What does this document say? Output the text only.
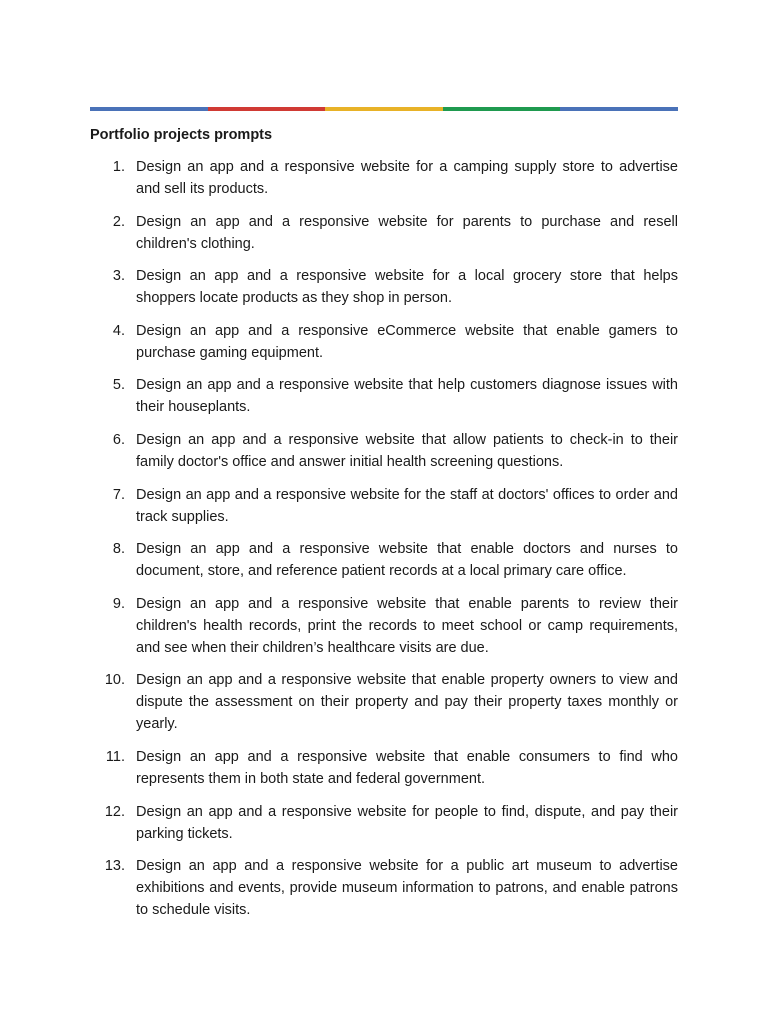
Portfolio projects prompts
1. Design an app and a responsive website for a camping supply store to advertise and sell its products.
2. Design an app and a responsive website for parents to purchase and resell children's clothing.
3. Design an app and a responsive website for a local grocery store that helps shoppers locate products as they shop in person.
4. Design an app and a responsive eCommerce website that enable gamers to purchase gaming equipment.
5. Design an app and a responsive website that help customers diagnose issues with their houseplants.
6. Design an app and a responsive website that allow patients to check-in to their family doctor's office and answer initial health screening questions.
7. Design an app and a responsive website for the staff at doctors' offices to order and track supplies.
8. Design an app and a responsive website that enable doctors and nurses to document, store, and reference patient records at a local primary care office.
9. Design an app and a responsive website that enable parents to review their children's health records, print the records to meet school or camp requirements, and see when their children’s healthcare visits are due.
10. Design an app and a responsive website that enable property owners to view and dispute the assessment on their property and pay their property taxes monthly or yearly.
11. Design an app and a responsive website that enable consumers to find who represents them in both state and federal government.
12. Design an app and a responsive website for people to find, dispute, and pay their parking tickets.
13. Design an app and a responsive website for a public art museum to advertise exhibitions and events, provide museum information to patrons, and enable patrons to schedule visits.
